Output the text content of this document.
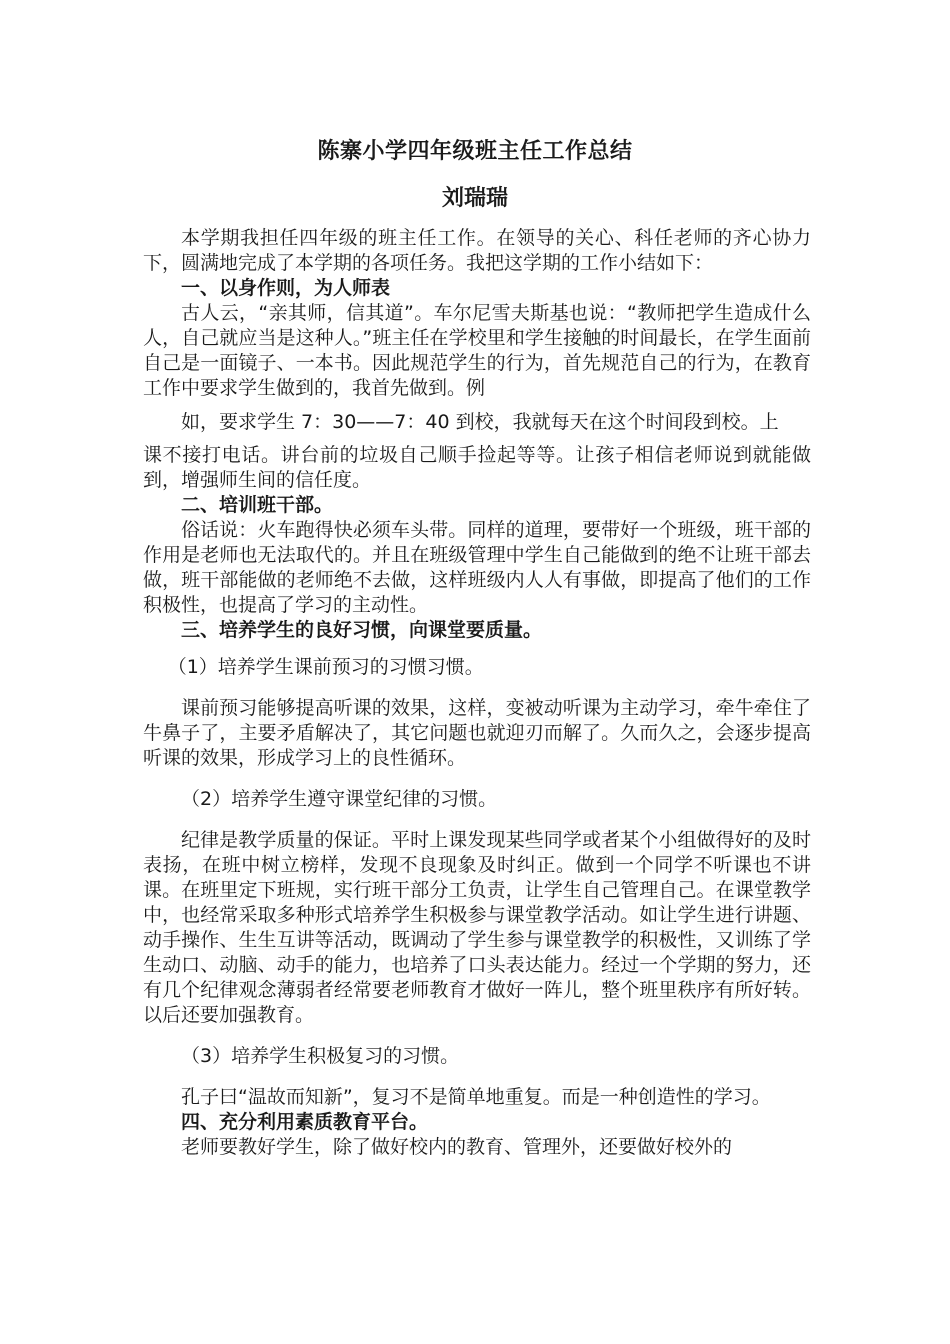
陈寨小学四年级班主任工作总结
刘瑞瑞

本学期我担任四年级的班主任工作。在领导的关心、科任老师的齐心协力下，圆满地完成了本学期的各项任务。我把这学期的工作小结如下：

一、以身作则，为人师表

古人云，“亲其师，信其道”。车尔尼雪夫斯基也说：“教师把学生造成什么人，自己就应当是这种人。”班主任在学校里和学生接触的时间最长，在学生面前自己是一面镜子、一本书。因此规范学生的行为，首先规范自己的行为，在教育工作中要求学生做到的，我首先做到。例

如，要求学生 7：30——7：40 到校，我就每天在这个时间段到校。上

课不接打电话。讲台前的垃圾自己顺手捡起等等。让孩子相信老师说到就能做到，增强师生间的信任度。

二、培训班干部。

俗话说：火车跑得快必须车头带。同样的道理，要带好一个班级，班干部的作用是老师也无法取代的。并且在班级管理中学生自己能做到的绝不让班干部去做，班干部能做的老师绝不去做，这样班级内人人有事做，即提高了他们的工作积极性，也提高了学习的主动性。

三、培养学生的良好习惯，向课堂要质量。

（1）培养学生课前预习的习惯习惯。

课前预习能够提高听课的效果，这样，变被动听课为主动学习，牵牛牵住了牛鼻子了，主要矛盾解决了，其它问题也就迎刃而解了。久而久之，会逐步提高听课的效果，形成学习上的良性循环。

（2）培养学生遵守课堂纪律的习惯。

纪律是教学质量的保证。平时上课发现某些同学或者某个小组做得好的及时表扬，在班中树立榜样，发现不良现象及时纠正。做到一个同学不听课也不讲课。在班里定下班规，实行班干部分工负责，让学生自己管理自己。在课堂教学中，也经常采取多种形式培养学生积极参与课堂教学活动。如让学生进行讲题、动手操作、生生互讲等活动，既调动了学生参与课堂教学的积极性，又训练了学生动口、动脑、动手的能力，也培养了口头表达能力。经过一个学期的努力，还有几个纪律观念薄弱者经常要老师教育才做好一阵儿，整个班里秩序有所好转。以后还要加强教育。

（3）培养学生积极复习的习惯。

孔子曰“温故而知新”，复习不是简单地重复。而是一种创造性的学习。

四、充分利用素质教育平台。

老师要教好学生，除了做好校内的教育、管理外，还要做好校外的
